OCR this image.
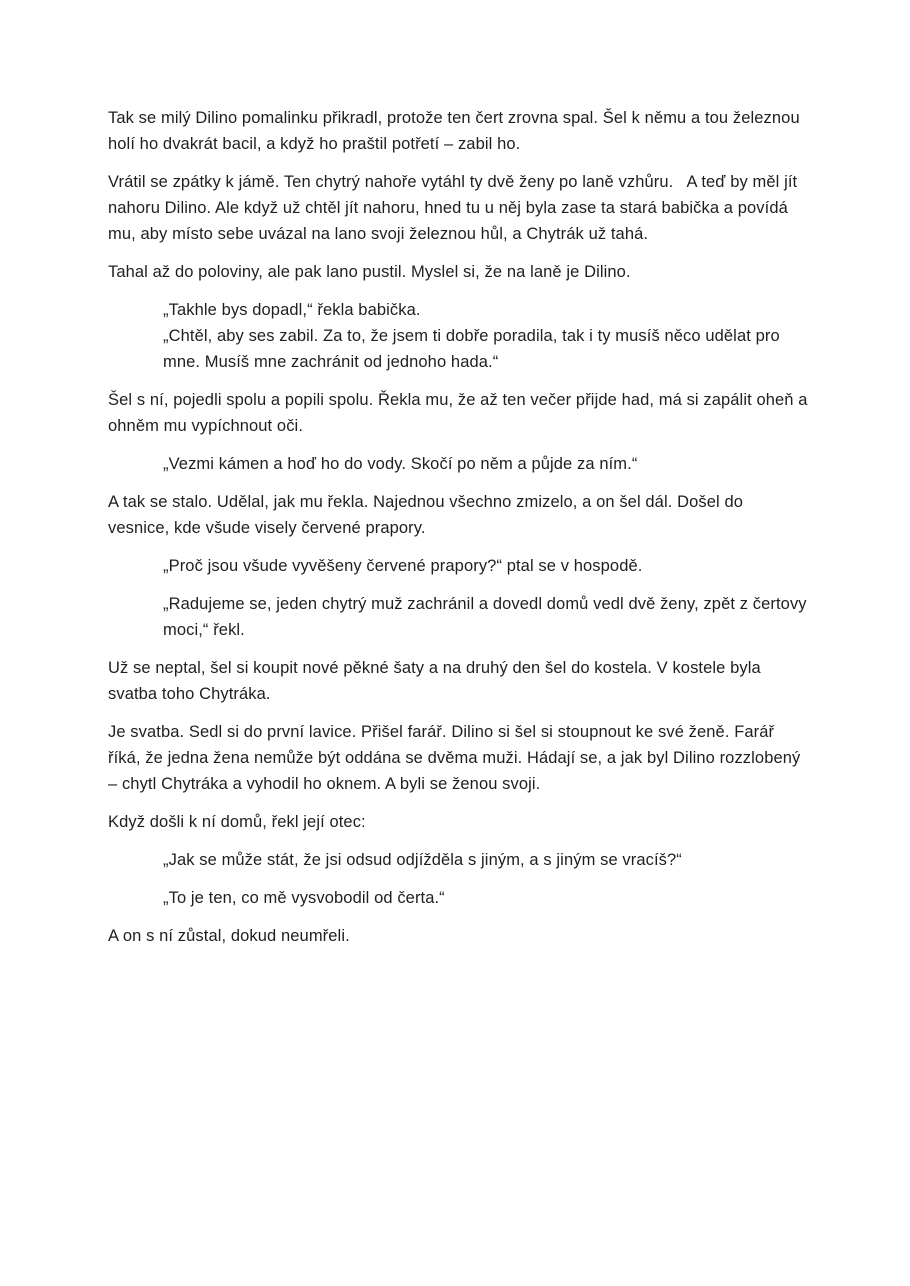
Tak se milý Dilino pomalinku přikradl, protože ten čert zrovna spal. Šel k němu a tou železnou holí ho dvakrát bacil, a když ho praštil potřetí – zabil ho.

Vrátil se zpátky k jámě. Ten chytrý nahoře vytáhl ty dvě ženy po laně vzhůru.   A teď by měl jít nahoru Dilino. Ale když už chtěl jít nahoru, hned tu u něj byla zase ta stará babička a povídá mu, aby místo sebe uvázal na lano svoji železnou hůl, a Chytrák už tahá.

Tahal až do poloviny, ale pak lano pustil. Myslel si, že na laně je Dilino.

„Takhle bys dopadl,“ řekla babička.

„Chtěl, aby ses zabil. Za to, že jsem ti dobře poradila, tak i ty musíš něco udělat pro mne. Musíš mne zachránit od jednoho hada.“

Šel s ní, pojedli spolu a popili spolu. Řekla mu, že až ten večer přijde had, má si zapálit oheň a ohněm mu vypíchnout oči.

„Vezmi kámen a hoď ho do vody. Skočí po něm a půjde za ním.“

A tak se stalo. Udělal, jak mu řekla. Najednou všechno zmizelo, a on šel dál. Došel do vesnice, kde všude visely červené prapory.

„Proč jsou všude vyvěšeny červené prapory?“ ptal se v hospodě.

„Radujeme se, jeden chytrý muž zachránil a dovedl domů vedl dvě ženy, zpět z čertovy moci,“ řekl.

Už se neptal, šel si koupit nové pěkné šaty a na druhý den šel do kostela. V kostele byla svatba toho Chytráka.

Je svatba. Sedl si do první lavice. Přišel farář. Dilino si šel si stoupnout ke své ženě. Farář říká, že jedna žena nemůže být oddána se dvěma muži. Hádají se, a jak byl Dilino rozzlobený – chytl Chytráka a vyhodil ho oknem. A byli se ženou svoji.

Když došli k ní domů, řekl její otec:

„Jak se může stát, že jsi odsud odjížděla s jiným, a s jiným se vracíš?“

„To je ten, co mě vysvobodil od čerta.“

A on s ní zůstal, dokud neumřeli.
